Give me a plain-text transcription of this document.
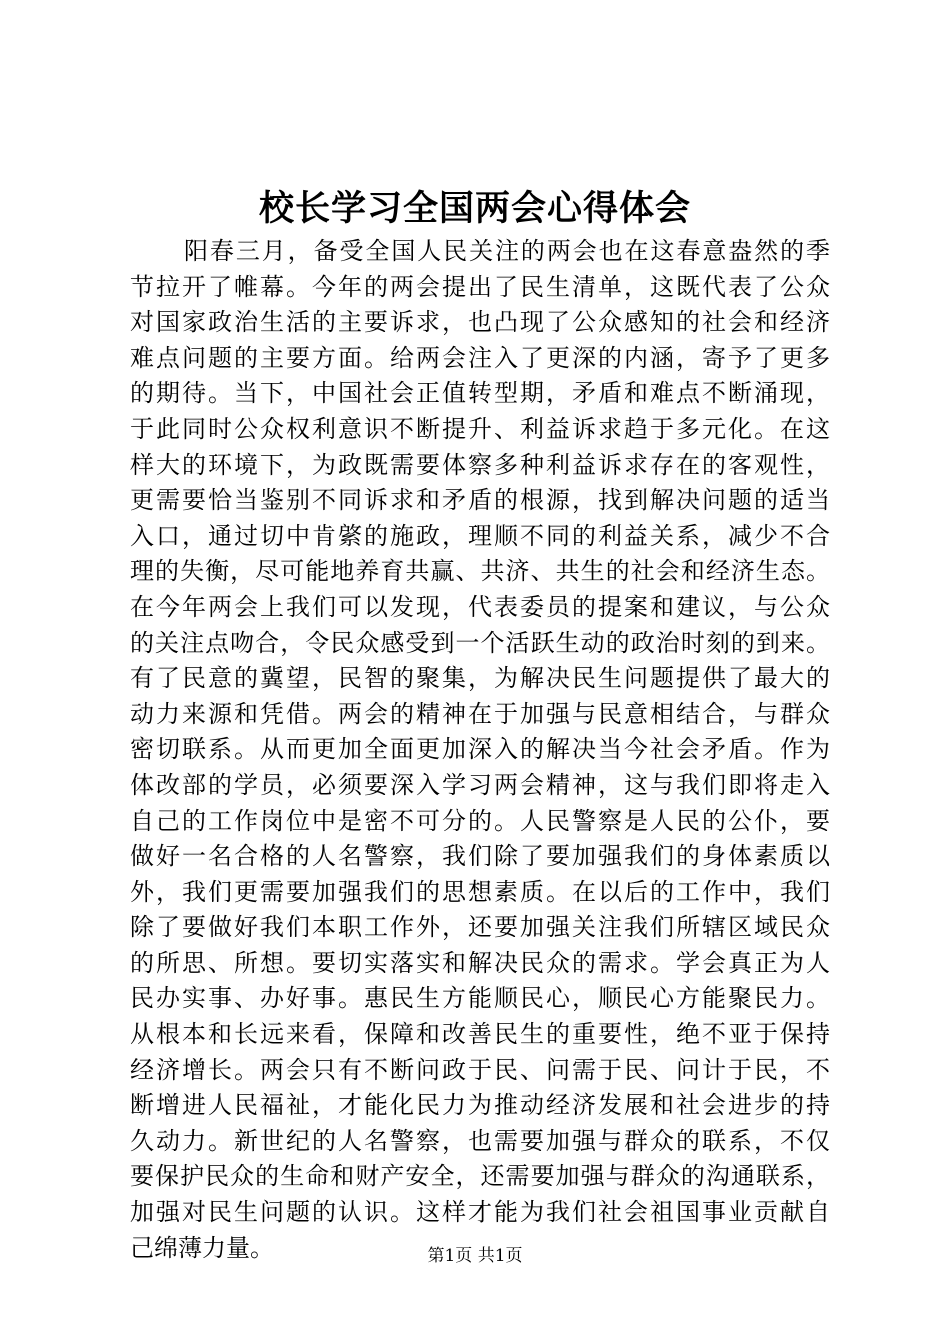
校长学习全国两会心得体会
阳春三月，备受全国人民关注的两会也在这春意盎然的季
节拉开了帷幕。今年的两会提出了民生清单，这既代表了公众
对国家政治生活的主要诉求，也凸现了公众感知的社会和经济
难点问题的主要方面。给两会注入了更深的内涵，寄予了更多
的期待。当下，中国社会正值转型期，矛盾和难点不断涌现，
于此同时公众权利意识不断提升、利益诉求趋于多元化。在这
样大的环境下，为政既需要体察多种利益诉求存在的客观性，
更需要恰当鉴别不同诉求和矛盾的根源，找到解决问题的适当
入口，通过切中肯綮的施政，理顺不同的利益关系，减少不合
理的失衡，尽可能地养育共赢、共济、共生的社会和经济生态。
在今年两会上我们可以发现，代表委员的提案和建议，与公众
的关注点吻合，令民众感受到一个活跃生动的政治时刻的到来。
有了民意的冀望，民智的聚集，为解决民生问题提供了最大的
动力来源和凭借。两会的精神在于加强与民意相结合，与群众
密切联系。从而更加全面更加深入的解决当今社会矛盾。作为
体改部的学员，必须要深入学习两会精神，这与我们即将走入
自己的工作岗位中是密不可分的。人民警察是人民的公仆，要
做好一名合格的人名警察，我们除了要加强我们的身体素质以
外，我们更需要加强我们的思想素质。在以后的工作中，我们
除了要做好我们本职工作外，还要加强关注我们所辖区域民众
的所思、所想。要切实落实和解决民众的需求。学会真正为人
民办实事、办好事。惠民生方能顺民心，顺民心方能聚民力。
从根本和长远来看，保障和改善民生的重要性，绝不亚于保持
经济增长。两会只有不断问政于民、问需于民、问计于民，不
断增进人民福祉，才能化民力为推动经济发展和社会进步的持
久动力。新世纪的人名警察，也需要加强与群众的联系，不仅
要保护民众的生命和财产安全，还需要加强与群众的沟通联系，
加强对民生问题的认识。这样才能为我们社会祖国事业贡献自
己绵薄力量。	第1页 共1页
